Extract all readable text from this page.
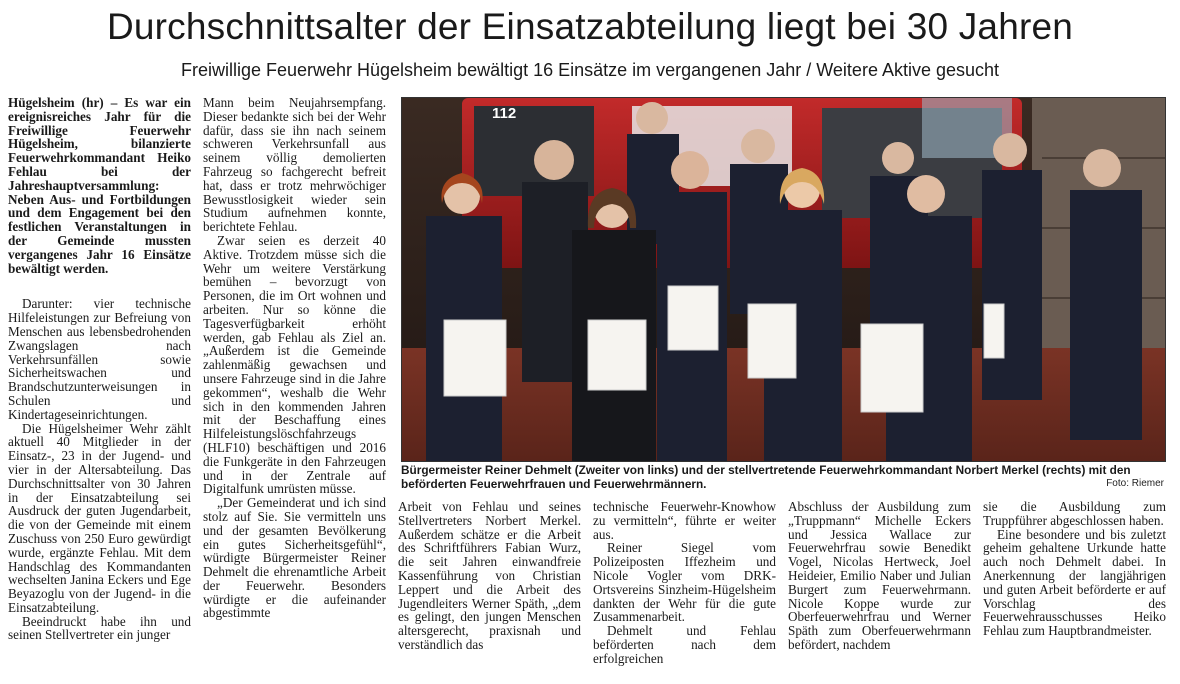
Durchschnittsalter der Einsatzabteilung liegt bei 30 Jahren
Freiwillige Feuerwehr Hügelsheim bewältigt 16 Einsätze im vergangenen Jahr / Weitere Aktive gesucht

Hügelsheim (hr) – Es war ein ereignisreiches Jahr für die Freiwillige Feuerwehr Hügelsheim, bilanzierte Feuerwehrkommandant Heiko Fehlau bei der Jahreshauptversammlung: Neben Aus- und Fortbildungen und dem Engagement bei den festlichen Veranstaltungen in der Gemeinde mussten vergangenes Jahr 16 Einsätze bewältigt werden.

Darunter: vier technische Hilfeleistungen zur Befreiung von Menschen aus lebensbedrohenden Zwangslagen nach Verkehrsunfällen sowie Sicherheitswachen und Brandschutzunterweisungen in Schulen und Kindertageseinrichtungen.

Die Hügelsheimer Wehr zählt aktuell 40 Mitglieder in der Einsatz-, 23 in der Jugend- und vier in der Altersabteilung. Das Durchschnittsalter von 30 Jahren in der Einsatzabteilung sei Ausdruck der guten Jugendarbeit, die von der Gemeinde mit einem Zuschuss von 250 Euro gewürdigt wurde, ergänzte Fehlau. Mit dem Handschlag des Kommandanten wechselten Janina Eckers und Ege Beyazoglu von der Jugend- in die Einsatzabteilung.

Beeindruckt habe ihn und seinen Stellvertreter ein junger

Mann beim Neujahrsempfang. Dieser bedankte sich bei der Wehr dafür, dass sie ihn nach seinem schweren Verkehrsunfall aus seinem völlig demolierten Fahrzeug so fachgerecht befreit hat, dass er trotz mehrwöchiger Bewusstlosigkeit wieder sein Studium aufnehmen konnte, berichtete Fehlau.

Zwar seien es derzeit 40 Aktive. Trotzdem müsse sich die Wehr um weitere Verstärkung bemühen – bevorzugt von Personen, die im Ort wohnen und arbeiten. Nur so könne die Tagesverfügbarkeit erhöht werden, gab Fehlau als Ziel an. „Außerdem ist die Gemeinde zahlenmäßig gewachsen und unsere Fahrzeuge sind in die Jahre gekommen“, weshalb die Wehr sich in den kommenden Jahren mit der Beschaffung eines Hilfeleistungslöschfahrzeugs (HLF10) beschäftigen und 2016 die Funkgeräte in den Fahrzeugen und in der Zentrale auf Digitalfunk umrüsten müsse.

„Der Gemeinderat und ich sind stolz auf Sie. Sie vermitteln uns und der gesamten Bevölkerung ein gutes Sicherheitsgefühl“, würdigte Bürgermeister Reiner Dehmelt die ehrenamtliche Arbeit der Feuerwehr. Besonders würdigte er die aufeinander abgestimmte

112
Bürgermeister Reiner Dehmelt (Zweiter von links) und der stellvertretende Feuerwehrkommandant Norbert Merkel (rechts) mit den beförderten Feuerwehrfrauen und Feuerwehrmännern.	Foto: Riemer

Arbeit von Fehlau und seines Stellvertreters Norbert Merkel. Außerdem schätze er die Arbeit des Schriftführers Fabian Wurz, die seit Jahren einwandfreie Kassenführung von Christian Leppert und die Arbeit des Jugendleiters Werner Späth, „dem es gelingt, den jungen Menschen altersgerecht, praxisnah und verständlich das

technische Feuerwehr-Knowhow zu vermitteln“, führte er weiter aus.

Reiner Siegel vom Polizeiposten Iffezheim und Nicole Vogler vom DRK-Ortsvereins Sinzheim-Hügelsheim dankten der Wehr für die gute Zusammenarbeit.

Dehmelt und Fehlau beförderten nach dem erfolgreichen

Abschluss der Ausbildung zum „Truppmann“ Michelle Eckers und Jessica Wallace zur Feuerwehrfrau sowie Benedikt Vogel, Nicolas Hertweck, Joel Heideier, Emilio Naber und Julian Burgert zum Feuerwehrmann. Nicole Koppe wurde zur Oberfeuerwehrfrau und Werner Späth zum Oberfeuerwehrmann befördert, nachdem

sie die Ausbildung zum Truppführer abgeschlossen haben.

Eine besondere und bis zuletzt geheim gehaltene Urkunde hatte auch noch Dehmelt dabei. In Anerkennung der langjährigen und guten Arbeit beförderte er auf Vorschlag des Feuerwehrausschusses Heiko Fehlau zum Hauptbrandmeister.
